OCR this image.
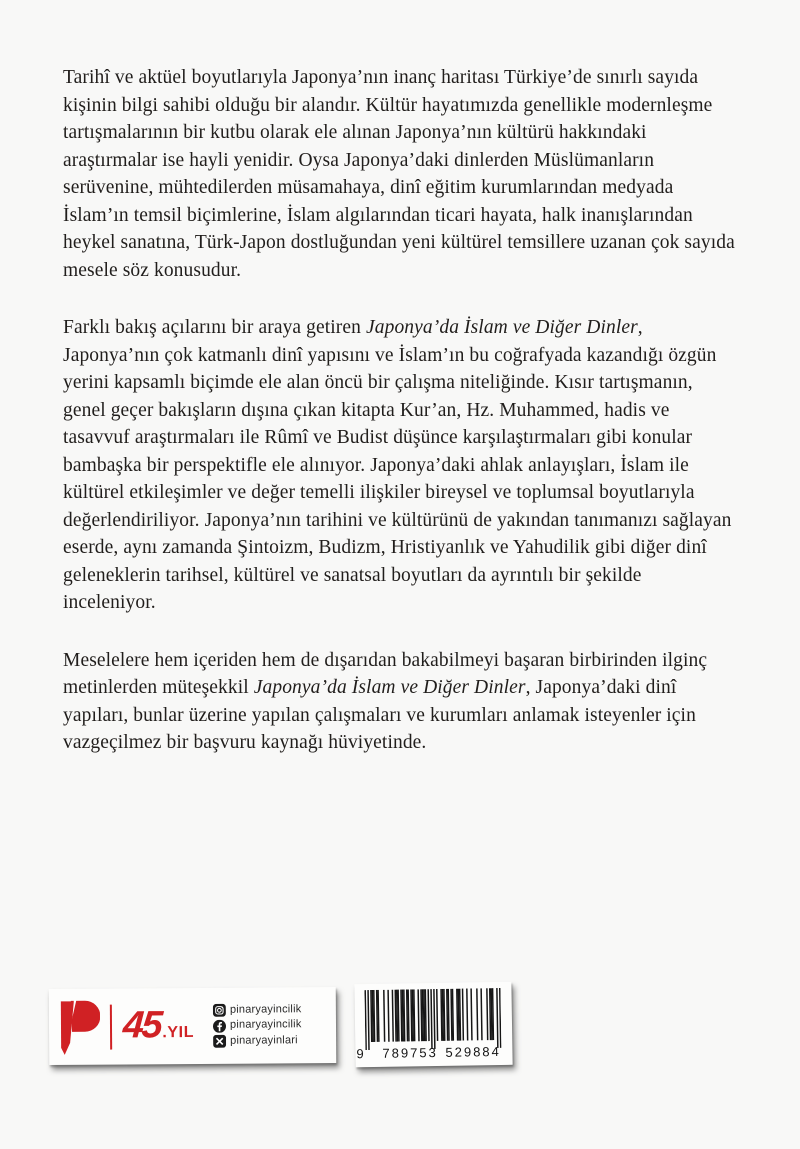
Tarihî ve aktüel boyutlarıyla Japonya’nın inanç haritası Türkiye’de sınırlı sayıda kişinin bilgi sahibi olduğu bir alandır. Kültür hayatımızda genellikle modernleşme tartışmalarının bir kutbu olarak ele alınan Japonya’nın kültürü hakkındaki araştırmalar ise hayli yenidir. Oysa Japonya’daki dinlerden Müslümanların serüvenine, mühtedilerden müsamahaya, dinî eğitim kurumlarından medyada İslam’ın temsil biçimlerine, İslam algılarından ticari hayata, halk inanışlarından heykel sanatına, Türk-Japon dostluğundan yeni kültürel temsillere uzanan çok sayıda mesele söz konusudur.

Farklı bakış açılarını bir araya getiren Japonya’da İslam ve Diğer Dinler, Japonya’nın çok katmanlı dinî yapısını ve İslam’ın bu coğrafyada kazandığı özgün yerini kapsamlı biçimde ele alan öncü bir çalışma niteliğinde. Kısır tartışmanın, genel geçer bakışların dışına çıkan kitapta Kur’an, Hz. Muhammed, hadis ve tasavvuf araştırmaları ile Rûmî ve Budist düşünce karşılaştırmaları gibi konular bambaşka bir perspektifle ele alınıyor. Japonya’daki ahlak anlayışları, İslam ile kültürel etkileşimler ve değer temelli ilişkiler bireysel ve toplumsal boyutlarıyla değerlendiriliyor. Japonya’nın tarihini ve kültürünü de yakından tanımanızı sağlayan eserde, aynı zamanda Şintoizm, Budizm, Hristiyanlık ve Yahudilik gibi diğer dinî geleneklerin tarihsel, kültürel ve sanatsal boyutları da ayrıntılı bir şekilde inceleniyor.

Meselelere hem içeriden hem de dışarıdan bakabilmeyi başaran birbirinden ilginç metinlerden müteşekkil Japonya’da İslam ve Diğer Dinler, Japonya’daki dinî yapıları, bunlar üzerine yapılan çalışmaları ve kurumları anlamak isteyenler için vazgeçilmez bir başvuru kaynağı hüviyetinde.

45 .YIL
pinaryayincilik
pinaryayincilik
pinaryayinlari
9 789753 529884
